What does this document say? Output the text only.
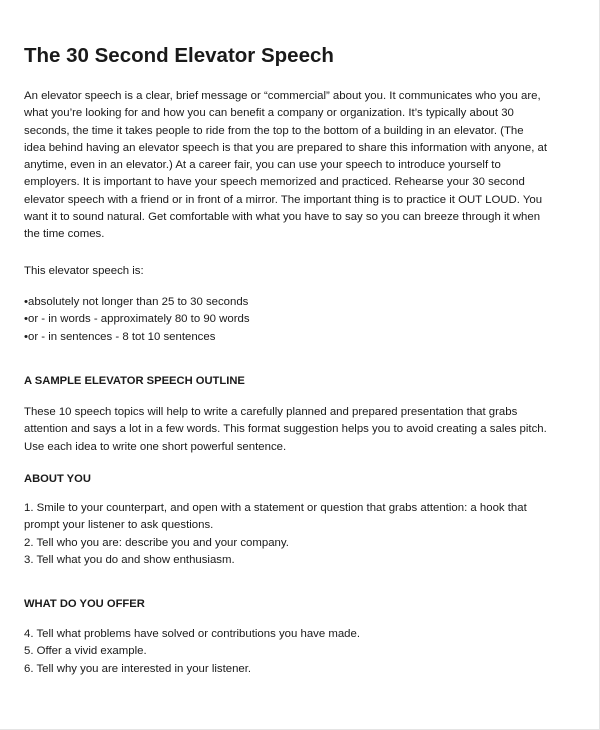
The 30 Second Elevator Speech

An elevator speech is a clear, brief message or “commercial” about you. It communicates who you are,
what you’re looking for and how you can benefit a company or organization. It’s typically about 30
seconds, the time it takes people to ride from the top to the bottom of a building in an elevator. (The
idea behind having an elevator speech is that you are prepared to share this information with anyone, at
anytime, even in an elevator.) At a career fair, you can use your speech to introduce yourself to
employers. It is important to have your speech memorized and practiced. Rehearse your 30 second
elevator speech with a friend or in front of a mirror. The important thing is to practice it OUT LOUD. You
want it to sound natural. Get comfortable with what you have to say so you can breeze through it when
the time comes.

This elevator speech is:

•absolutely not longer than 25 to 30 seconds
•or - in words - approximately 80 to 90 words
•or - in sentences - 8 tot 10 sentences

A SAMPLE ELEVATOR SPEECH OUTLINE

These 10 speech topics will help to write a carefully planned and prepared presentation that grabs
attention and says a lot in a few words. This format suggestion helps you to avoid creating a sales pitch.
Use each idea to write one short powerful sentence.

ABOUT YOU

1. Smile to your counterpart, and open with a statement or question that grabs attention: a hook that
prompt your listener to ask questions.
2. Tell who you are: describe you and your company.
3. Tell what you do and show enthusiasm.

WHAT DO YOU OFFER

4. Tell what problems have solved or contributions you have made.
5. Offer a vivid example.
6. Tell why you are interested in your listener.
